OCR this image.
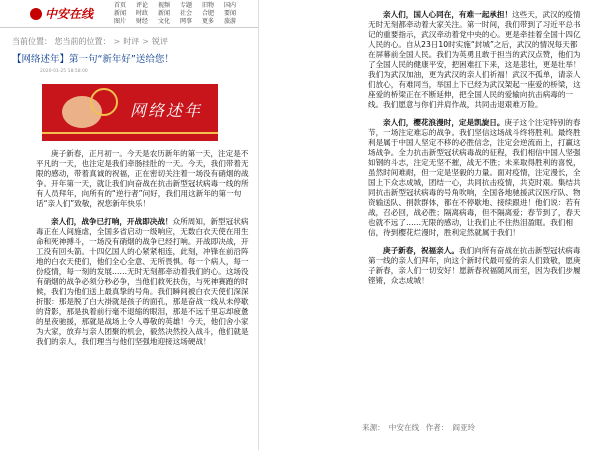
中安在线
首页	评论	视频	专题	旧物	国内
新闻	时政	新闻	社会	合肥	要闻
图片	财经	文化	网事	更多	旅游
当前位置： 您当前的位置： > 时评 > 锐评
【网络述年】第一句“新年好”送给您！
2020-01-25 18:58:00
网络述年

庚子新春，正月初一。今天是农历新年的第一天，注定是不平凡的一天，也注定是我们牵肠挂肚的一天。今天，我们带着无限的感动，带着真诚的祝福，正在密切关注着一场没有硝烟的战争。开年第一天，就让我们向奋战在抗击新型冠状病毒一线的所有人员拜年，向所有的“逆行者”问好，我们用这新年的第一句话“亲人们”致敬，祝您新年快乐！

亲人们，战争已打响，开战即决战！众所周知，新型冠状病毒正在人间施虐，全国多省启动一级响应，无数白衣天使在用生命和死神搏斗，一场没有硝烟的战争已经打响。开战即决战，开工没有回头箭。十四亿国人的心紧紧相连，此刻，冲锋在前沿阵地的白衣天使们，他们全心全意、无所畏惧。每一个病人，每一份疫情，每一刻的发展……无时无刻都牵动着我们的心。这场没有硝烟的战争必须分秒必争，当他们救死扶伤，与死神赛跑的时候，我们为他们送上最真挚的号角。我们瞬间被白衣天使们深深折服：那是脱了白大褂就是孩子的面孔，那是奋战一线从未停歇的背影，那是执着前行毫不退缩的眼泪，那是不远千里忘却疲惫的星夜驰援，那就是战场上令人尊敬的英雄！今天，他们舍小家为大家，放弃与亲人团聚的机会，毅然决然投入战斗，他们就是我们的亲人，我们理当与他们坚强地迎接这场硬战！

亲人们，国人心同在，有难一起承担！这些天，武汉的疫情无时无刻都牵动着大家关注。第一时间，我们带到了习近平总书记的重要指示，武汉牵动着党中央的心。更是牵挂着全国十四亿人民的心。自从23日10时实施“封城”之后，武汉的情况每天都在屏幕前全国人民。我们为英勇且敢于担当的武汉点赞，他们为了全国人民的健康平安，把困难扛下来，这是悲壮，更是壮举！我们为武汉加油，更为武汉的亲人们祈福！武汉不孤单，请亲人们放心，有难同当，举国上下已经为武汉架起一座爱的桥梁，这座爱的桥梁正在不断延伸，把全国人民的爱输向抗击病毒的一线。我们愿意与你们并肩作战，共同击退艰难万险。

亲人们，樱花浪漫时，定是凯旋日。庚子这个注定特别的春节，一场注定难忘的战争。我们坚信这场战斗终将胜利。最终胜利是属于中国人坚定不移的必胜信念，注定会逆流而上，打赢这场战争。全力抗击新型冠状病毒战的征程，我们相信中国人坚强如钢的斗志，注定无坚不摧，战无不胜；未来取得胜利的喜悦，虽然时间难耐，但一定是坚毅的力量。面对疫情，注定漫长，全国上下众志成城，团结一心，共同抗击疫情，共克时艰。集结共同抗击新型冠状病毒的号角吹响，全国各地驰援武汉医疗队、物资输送队、捐款群体，都在不停歇地、接续跟进！他们说：若有战，召必回，战必胜；隔离病毒，但不隔离爱；春节到了，春天也就不远了……无限的感动，让我们止不住热泪盈眶。我们相信，待到樱花烂漫时，胜利定然就属于我们！

庚子新春，祝福亲人。我们向所有奋战在抗击新型冠状病毒第一线的亲人们拜年，向这个新时代最可爱的亲人们致敬，愿庚子新春，亲人们一切安好！愿新春祝福随风而至，因为我们步履铿锵，众志成城！

来源： 中安在线 作者： 阎亚玲
